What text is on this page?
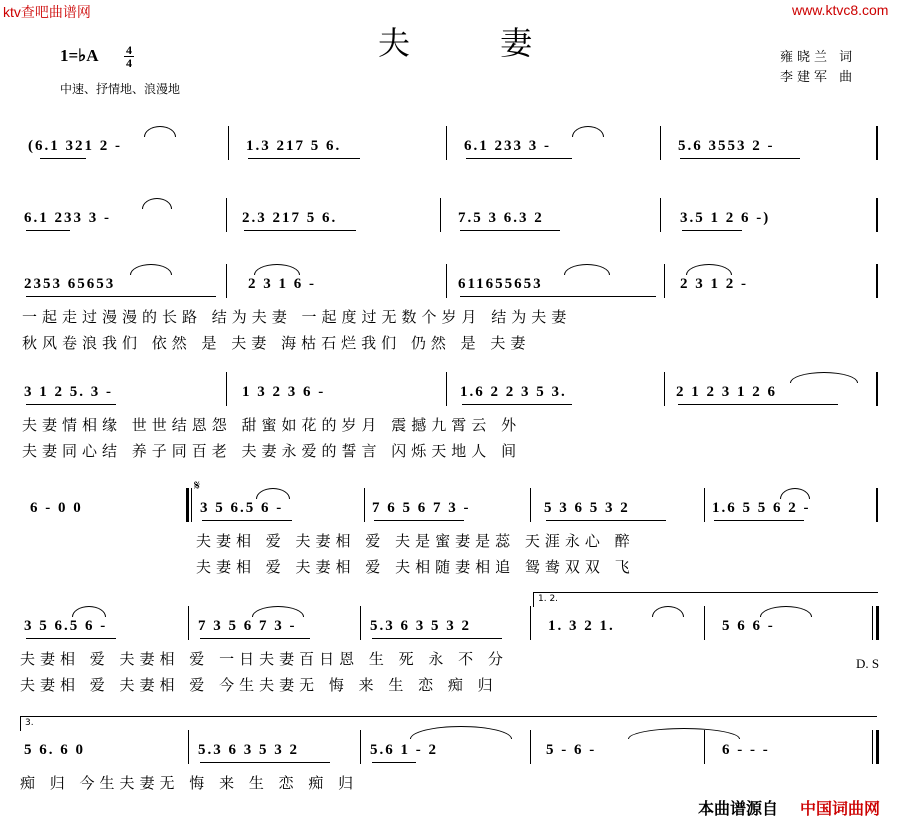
ktv查吧曲谱网	www.ktvc8.com
夫 妻
1=♭A $\frac{4}{4}$
中速、抒情地、浪漫地
雍晓兰 词
李建军 曲
(6.1 321 2 -	1.3 217 5 6.	6.1 233 3 -	5.6 3553 2 -
6.1 233 3 -	2.3 217 5 6.	7.5 3 6.3 2	3.5 1 2 6 -)
2353 65653	2 3 1 6 -	611655653	2 3 1 2 -
一起走过漫漫的长路 结为夫妻 一起度过无数个岁月 结为夫妻
秋风卷浪我们 依然 是 夫妻 海枯石烂我们 仍然 是 夫妻
3 1 2 5. 3 -	1 3 2 3 6 -	1.6 2 2 3 5 3.	2 1 2 3 1 2 6
夫妻情相缘 世世结恩怨 甜蜜如花的岁月 震撼九霄云 外
夫妻同心结 养子同百老 夫妻永爱的誓言 闪烁天地人 间
6 - 0 0
𝄋
3 5 6.5 6 -	7 6 5 6 7 3 -	5 3 6 5 3 2	1.6 5 5 6 2 -
夫妻相 爱 夫妻相 爱 夫是蜜妻是蕊 天涯永心 醉
夫妻相 爱 夫妻相 爱 夫相随妻相追 鸳鸯双双 飞
3 5 6.5 6 -	7 3 5 6 7 3 -	5.3 6 3 5 3 2
1. 2.
1. 3 2 1.	5 6 6 -
D. S
夫妻相 爱 夫妻相 爱 一日夫妻百日恩 生 死 永 不 分
夫妻相 爱 夫妻相 爱 今生夫妻无 悔 来 生 恋 痴 归
3.
5 6. 6 0	5.3 6 3 5 3 2	5.6 1 - 2	5 - 6 -	6 - - -
痴 归 今生夫妻无 悔 来 生 恋 痴 归
本曲谱源自 中国词曲网
